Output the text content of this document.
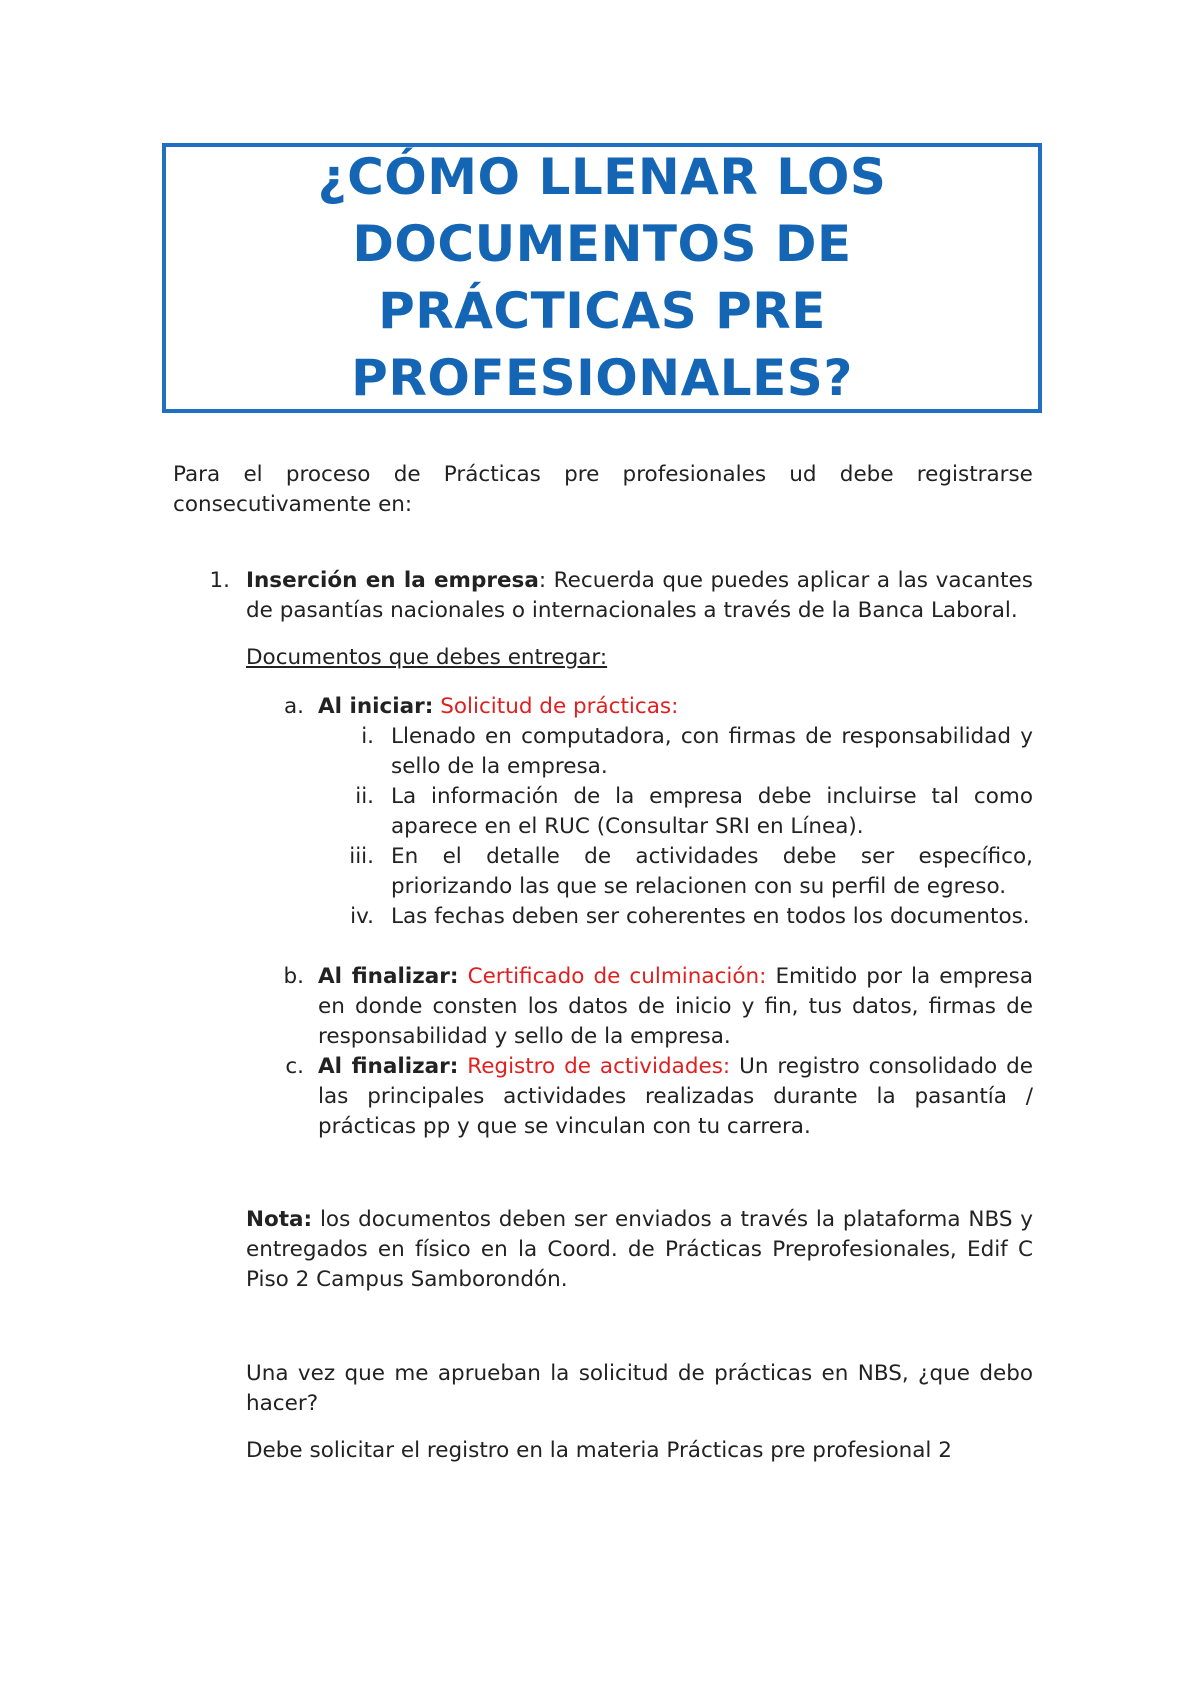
¿CÓMO LLENAR LOS
DOCUMENTOS DE
PRÁCTICAS PRE
PROFESIONALES?
Para el proceso de Prácticas pre profesionales ud debe registrarse
consecutivamente en:
1. Inserción en la empresa: Recuerda que puedes aplicar a las vacantes de pasantías nacionales o internacionales a través de la Banca Laboral.
Documentos que debes entregar:
a. Al iniciar: Solicitud de prácticas:
i. Llenado en computadora, con firmas de responsabilidad y sello de la empresa.
ii. La información de la empresa debe incluirse tal como aparece en el RUC (Consultar SRI en Línea).
iii. En el detalle de actividades debe ser específico, priorizando las que se relacionen con su perfil de egreso.
iv. Las fechas deben ser coherentes en todos los documentos.
b. Al finalizar: Certificado de culminación: Emitido por la empresa en donde consten los datos de inicio y fin, tus datos, firmas de responsabilidad y sello de la empresa.
c. Al finalizar: Registro de actividades: Un registro consolidado de las principales actividades realizadas durante la pasantía / prácticas pp y que se vinculan con tu carrera.
Nota: los documentos deben ser enviados a través la plataforma NBS y entregados en físico en la Coord. de Prácticas Preprofesionales, Edif C Piso 2 Campus Samborondón.
Una vez que me aprueban la solicitud de prácticas en NBS, ¿que debo hacer?
Debe solicitar el registro en la materia Prácticas pre profesional 2
